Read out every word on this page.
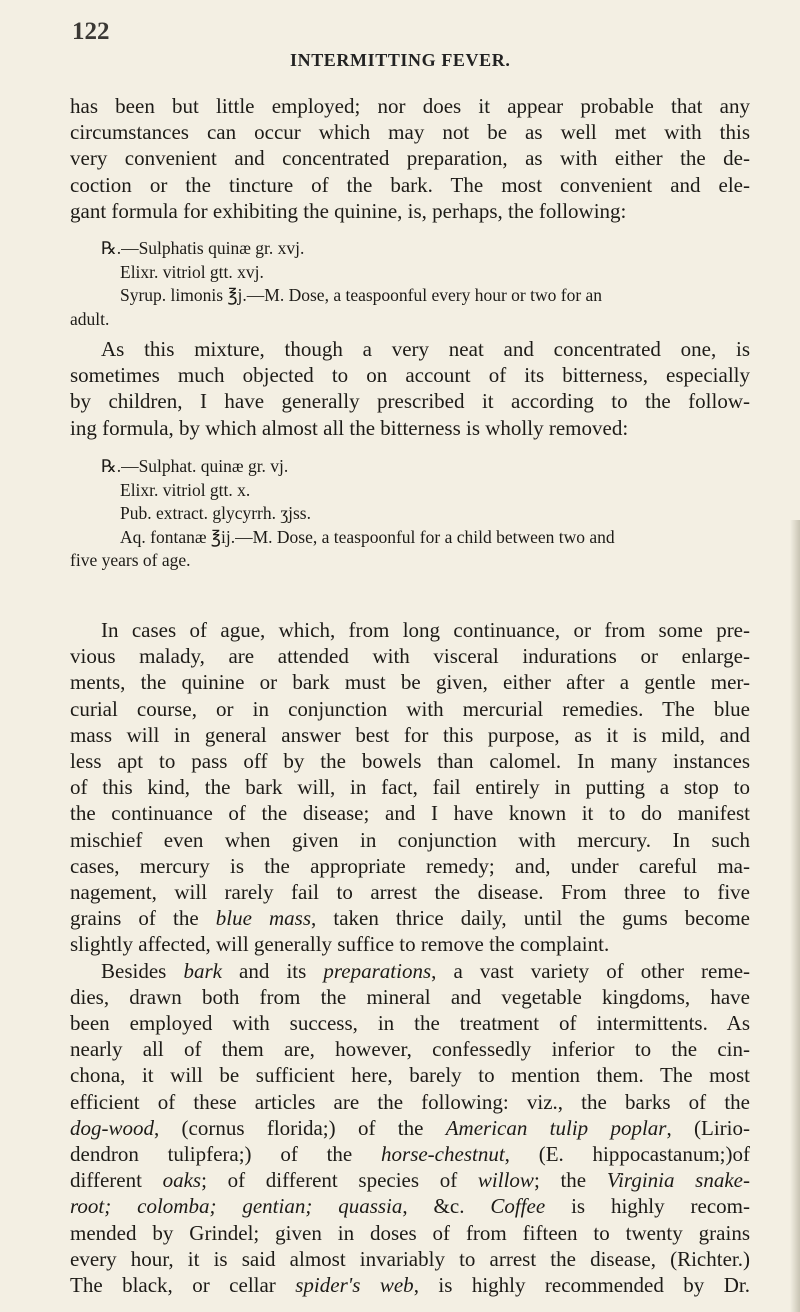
122
INTERMITTING FEVER.
has been but little employed; nor does it appear probable that any
circumstances can occur which may not be as well met with this
very convenient and concentrated preparation, as with either the de-
coction or the tincture of the bark. The most convenient and ele-
gant formula for exhibiting the quinine, is, perhaps, the following:
℞.—Sulphatis quinæ gr. xvj.
Elixr. vitriol gtt. xvj.
Syrup. limonis ℥j.—M. Dose, a teaspoonful every hour or two for an
adult.
As this mixture, though a very neat and concentrated one, is
sometimes much objected to on account of its bitterness, especially
by children, I have generally prescribed it according to the follow-
ing formula, by which almost all the bitterness is wholly removed:
℞.—Sulphat. quinæ gr. vj.
Elixr. vitriol gtt. x.
Pub. extract. glycyrrh. ʒjss.
Aq. fontanæ ℥ij.—M. Dose, a teaspoonful for a child between two and
five years of age.
In cases of ague, which, from long continuance, or from some pre-
vious malady, are attended with visceral indurations or enlarge-
ments, the quinine or bark must be given, either after a gentle mer-
curial course, or in conjunction with mercurial remedies. The blue
mass will in general answer best for this purpose, as it is mild, and
less apt to pass off by the bowels than calomel. In many instances
of this kind, the bark will, in fact, fail entirely in putting a stop to
the continuance of the disease; and I have known it to do manifest
mischief even when given in conjunction with mercury. In such
cases, mercury is the appropriate remedy; and, under careful ma-
nagement, will rarely fail to arrest the disease. From three to five
grains of the blue mass, taken thrice daily, until the gums become
slightly affected, will generally suffice to remove the complaint.
Besides bark and its preparations, a vast variety of other reme-
dies, drawn both from the mineral and vegetable kingdoms, have
been employed with success, in the treatment of intermittents. As
nearly all of them are, however, confessedly inferior to the cin-
chona, it will be sufficient here, barely to mention them. The most
efficient of these articles are the following: viz., the barks of the
dog-wood, (cornus florida;) of the American tulip poplar, (Lirio-
dendron tulipfera;) of the horse-chestnut, (E. hippocastanum;)of
different oaks; of different species of willow; the Virginia snake-
root; colomba; gentian; quassia, &c. Coffee is highly recom-
mended by Grindel; given in doses of from fifteen to twenty grains
every hour, it is said almost invariably to arrest the disease, (Richter.)
The black, or cellar spider's web, is highly recommended by Dr.
